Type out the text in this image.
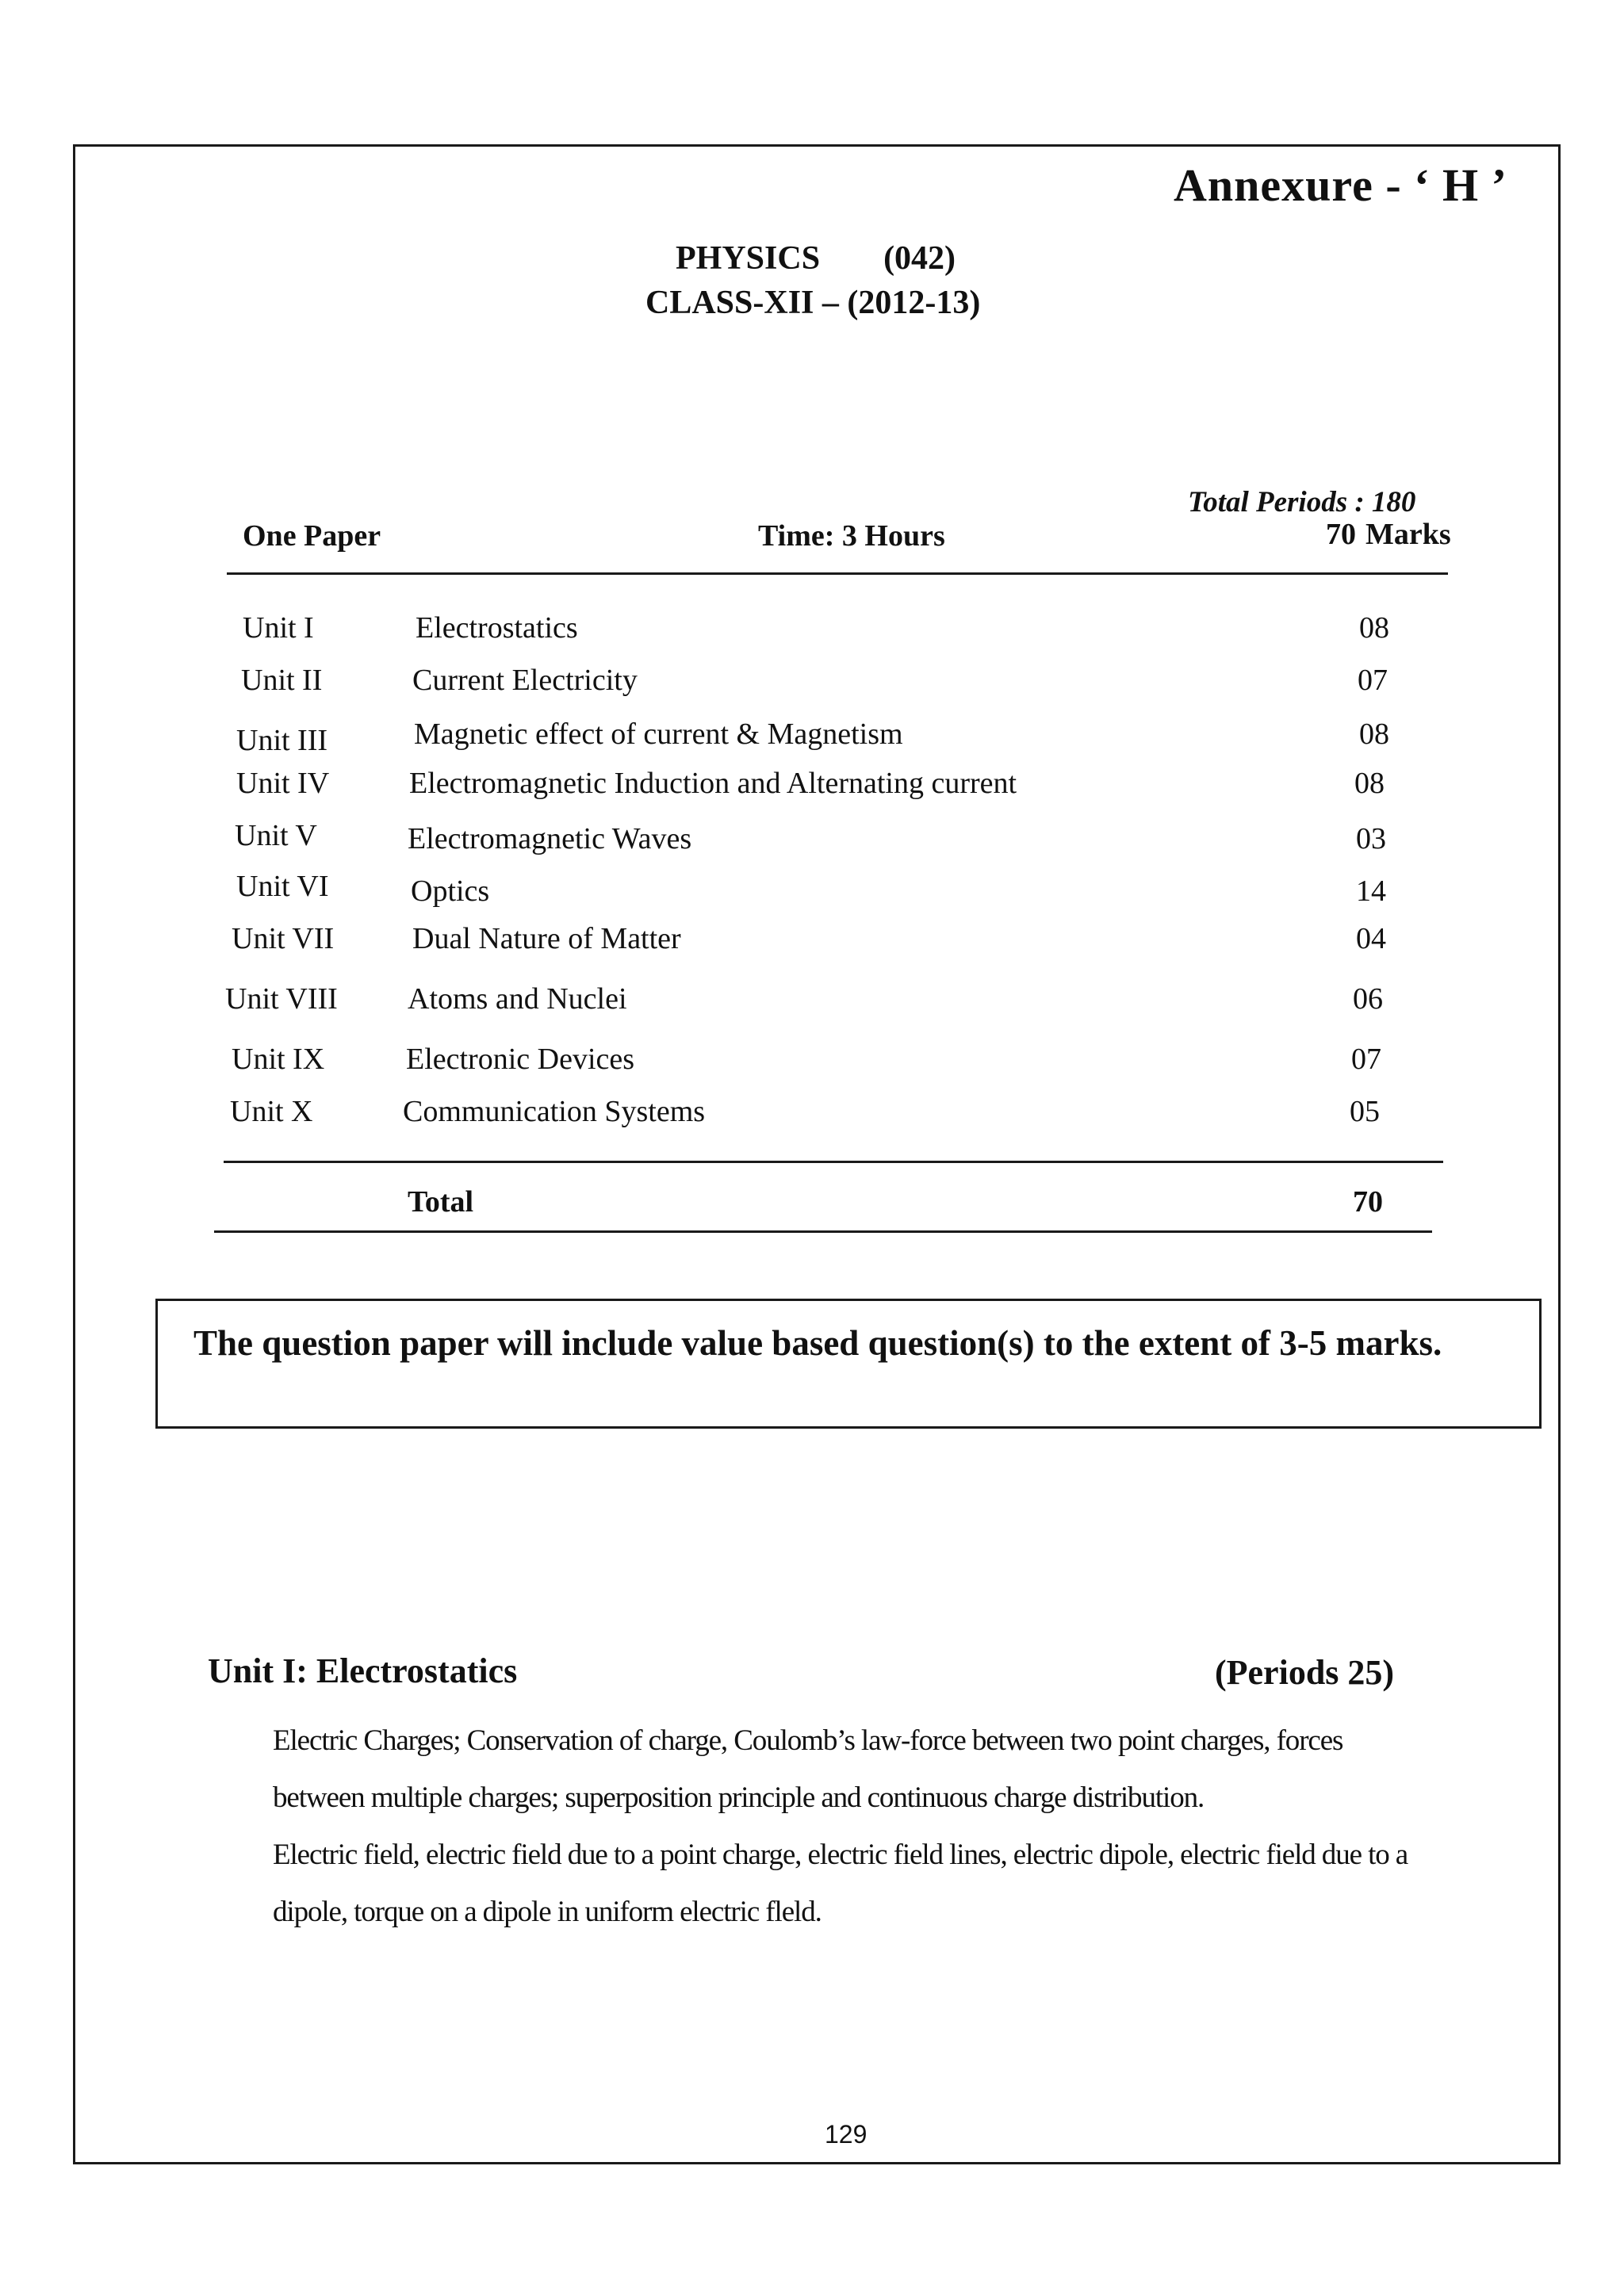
Annexure - ‘ H ’
PHYSICS (042)
CLASS-XII – (2012-13)
Total Periods : 180
One Paper	Time: 3 Hours	70 Marks
Unit I	Electrostatics	08
Unit II	Current Electricity	07
Unit III	Magnetic effect of current & Magnetism	08
Unit IV	Electromagnetic Induction and Alternating current	08
Unit V	Electromagnetic Waves	03
Unit VI	Optics	14
Unit VII	Dual Nature of Matter	04
Unit VIII Atoms and Nuclei	06
Unit IX	Electronic Devices	07
Unit X	Communication Systems	05
Total	70
The question paper will include value based question(s) to the extent of 3-5 marks.
Unit I: Electrostatics	(Periods 25)
Electric Charges; Conservation of charge, Coulomb’s law-force between two point charges, forces between multiple charges; superposition principle and continuous charge distribution.
Electric field, electric field due to a point charge, electric field lines, electric dipole, electric field due to a dipole, torque on a dipole in uniform electric fleld.
129
